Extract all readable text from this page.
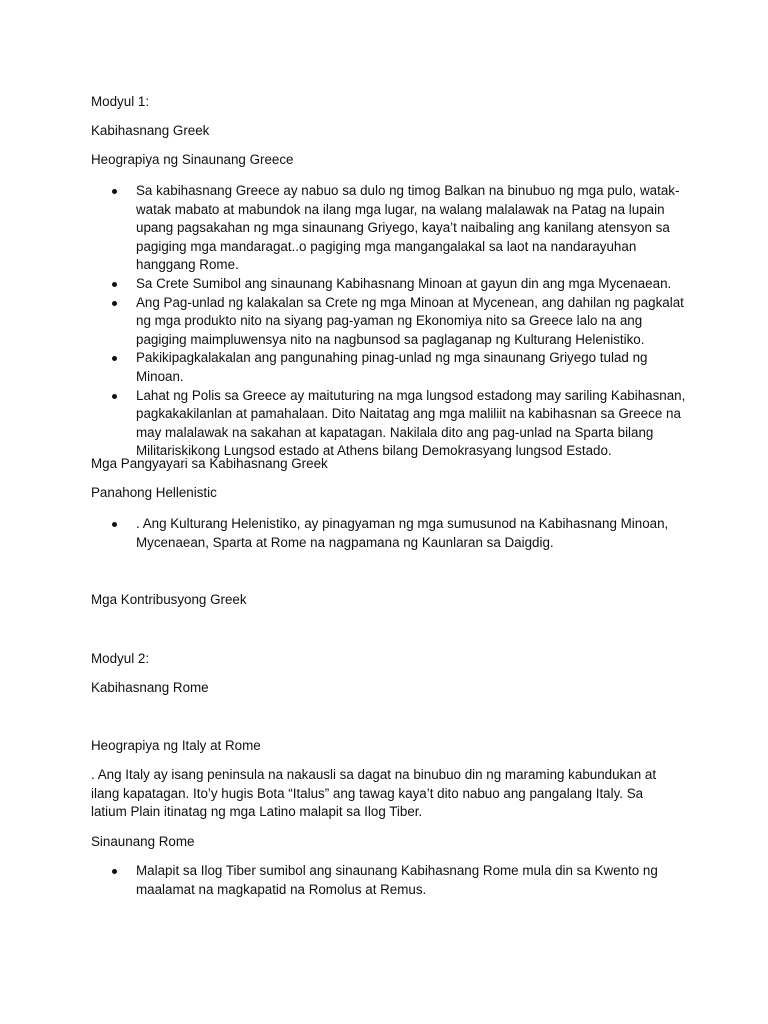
Modyul 1:

Kabihasnang Greek

Heograpiya ng Sinaunang Greece

Sa kabihasnang Greece ay nabuo sa dulo ng timog Balkan na binubuo ng mga pulo, watak-watak mabato at mabundok na ilang mga lugar, na walang malalawak na Patag na lupain upang pagsakahan ng mga sinaunang Griyego, kaya’t naibaling ang kanilang atensyon sa pagiging mga mandaragat..o pagiging mga mangangalakal sa laot na nandarayuhan hanggang Rome.
Sa Crete Sumibol ang sinaunang Kabihasnang Minoan at gayun din ang mga Mycenaean.
Ang Pag-unlad ng kalakalan sa Crete ng mga Minoan at Mycenean, ang dahilan ng pagkalat ng mga produkto nito na siyang pag-yaman ng Ekonomiya nito sa Greece lalo na ang pagiging maimpluwensya nito na nagbunsod sa paglaganap ng Kulturang Helenistiko.
Pakikipagkalakalan ang pangunahing pinag-unlad ng mga sinaunang Griyego tulad ng Minoan.
Lahat ng Polis sa Greece ay maituturing na mga lungsod estadong may sariling Kabihasnan, pagkakakilanlan at pamahalaan. Dito Naitatag ang mga maliliit na kabihasnan sa Greece na may malalawak na sakahan at kapatagan. Nakilala dito ang pag-unlad na Sparta bilang Militariskikong Lungsod estado at Athens bilang Demokrasyang lungsod Estado.

Mga Pangyayari sa Kabihasnang Greek

Panahong Hellenistic

. Ang Kulturang Helenistiko, ay pinagyaman ng mga sumusunod na Kabihasnang Minoan, Mycenaean, Sparta at Rome na nagpamana ng Kaunlaran sa Daigdig.

Mga Kontribusyong Greek

Modyul 2:

Kabihasnang Rome

Heograpiya ng Italy at Rome

. Ang Italy ay isang peninsula na nakausli sa dagat na binubuo din ng maraming kabundukan at ilang kapatagan. Ito’y hugis Bota “Italus” ang tawag kaya’t dito nabuo ang pangalang Italy. Sa latium Plain itinatag ng mga Latino malapit sa Ilog Tiber.

Sinaunang Rome

Malapit sa Ilog Tiber sumibol ang sinaunang Kabihasnang Rome mula din sa Kwento ng maalamat na magkapatid na Romolus at Remus.
